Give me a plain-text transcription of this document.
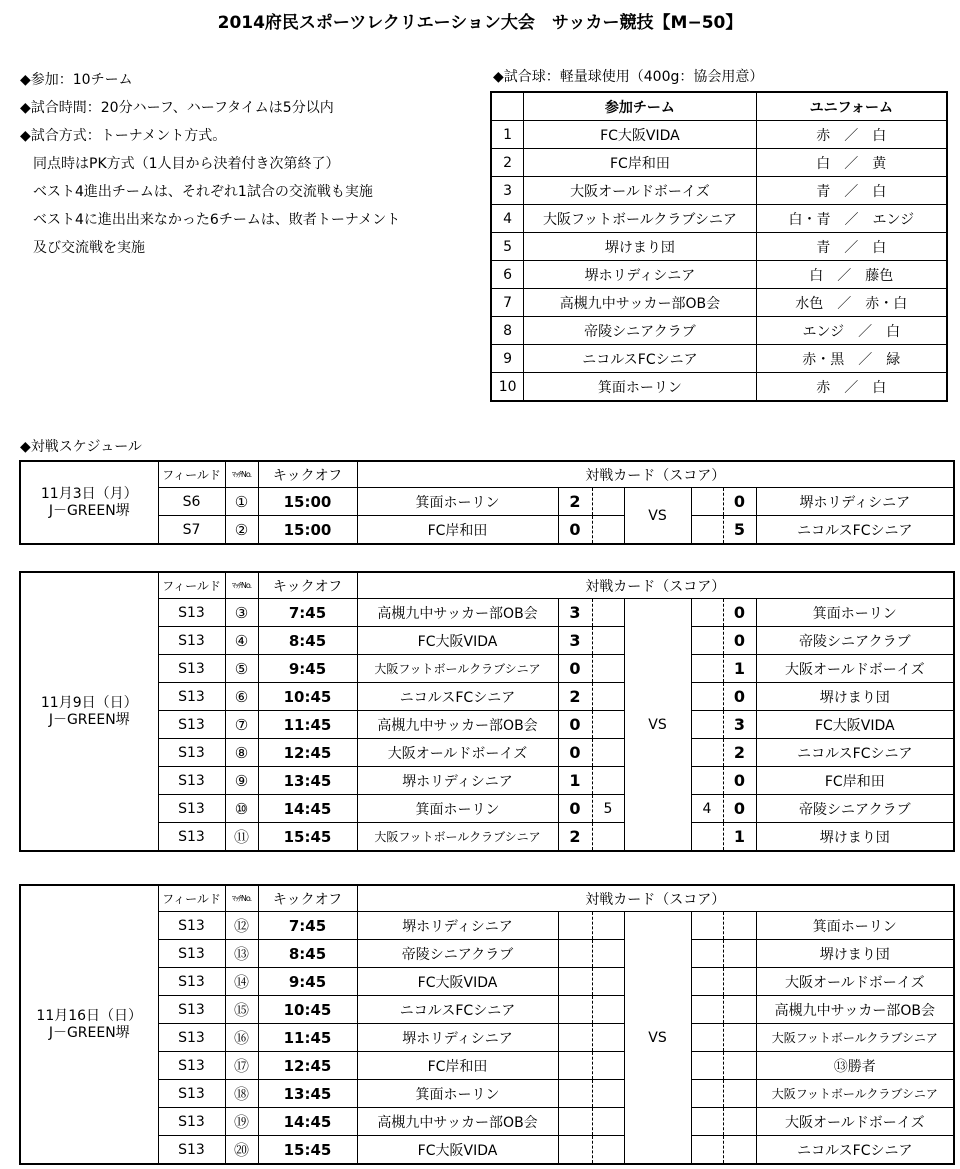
2014府民スポーツレクリエーション大会　サッカー競技【M−50】
◆参加：10チーム
◆試合時間：20分ハーフ、ハーフタイムは5分以内
◆試合方式：トーナメント方式。
同点時はPK方式（1人目から決着付き次第終了）
ベスト4進出チームは、それぞれ1試合の交流戦も実施
ベスト4に進出出来なかった6チームは、敗者トーナメント
及び交流戦を実施
◆試合球：軽量球使用（400g：協会用意）
	参加チーム	ユニフォーム
1	FC大阪VIDA	赤　／　白
2	FC岸和田	白　／　黄
3	大阪オールドボーイズ	青　／　白
4	大阪フットボールクラブシニア	白・青　／　エンジ
5	堺けまり団	青　／　白
6	堺ホリディシニア	白　／　藤色
7	高槻九中サッカー部OB会	水色　／　赤・白
8	帝陵シニアクラブ	エンジ　／　白
9	ニコルスFCシニア	赤・黒　／　緑
10	箕面ホーリン	赤　／　白
◆対戦スケジュール
11月3日（月）
J－GREEN堺	フィールド	ﾏｯﾁNo.	キックオフ	対戦カード（スコア）						
	S6	①	15:00	箕面ホーリン	2		VS		0	堺ホリディシニア
	S7	②	15:00	FC岸和田	0				5	ニコルスFCシニア
11月9日（日）
J－GREEN堺	フィールド	ﾏｯﾁNo.	キックオフ	対戦カード（スコア）						
	S13	③	7:45	高槻九中サッカー部OB会	3		VS		0	箕面ホーリン
	S13	④	8:45	FC大阪VIDA	3				0	帝陵シニアクラブ
	S13	⑤	9:45	大阪フットボールクラブシニア	0				1	大阪オールドボーイズ
	S13	⑥	10:45	ニコルスFCシニア	2				0	堺けまり団
	S13	⑦	11:45	高槻九中サッカー部OB会	0				3	FC大阪VIDA
	S13	⑧	12:45	大阪オールドボーイズ	0				2	ニコルスFCシニア
	S13	⑨	13:45	堺ホリディシニア	1				0	FC岸和田
	S13	⑩	14:45	箕面ホーリン	0	5		4	0	帝陵シニアクラブ
	S13	⑪	15:45	大阪フットボールクラブシニア	2				1	堺けまり団
11月16日（日）
J－GREEN堺	フィールド	ﾏｯﾁNo.	キックオフ	対戦カード（スコア）						
	S13	⑫	7:45	堺ホリディシニア			VS			箕面ホーリン
	S13	⑬	8:45	帝陵シニアクラブ						堺けまり団
	S13	⑭	9:45	FC大阪VIDA						大阪オールドボーイズ
	S13	⑮	10:45	ニコルスFCシニア						高槻九中サッカー部OB会
	S13	⑯	11:45	堺ホリディシニア						大阪フットボールクラブシニア
	S13	⑰	12:45	FC岸和田						⑬勝者
	S13	⑱	13:45	箕面ホーリン						大阪フットボールクラブシニア
	S13	⑲	14:45	高槻九中サッカー部OB会						大阪オールドボーイズ
	S13	⑳	15:45	FC大阪VIDA						ニコルスFCシニア
